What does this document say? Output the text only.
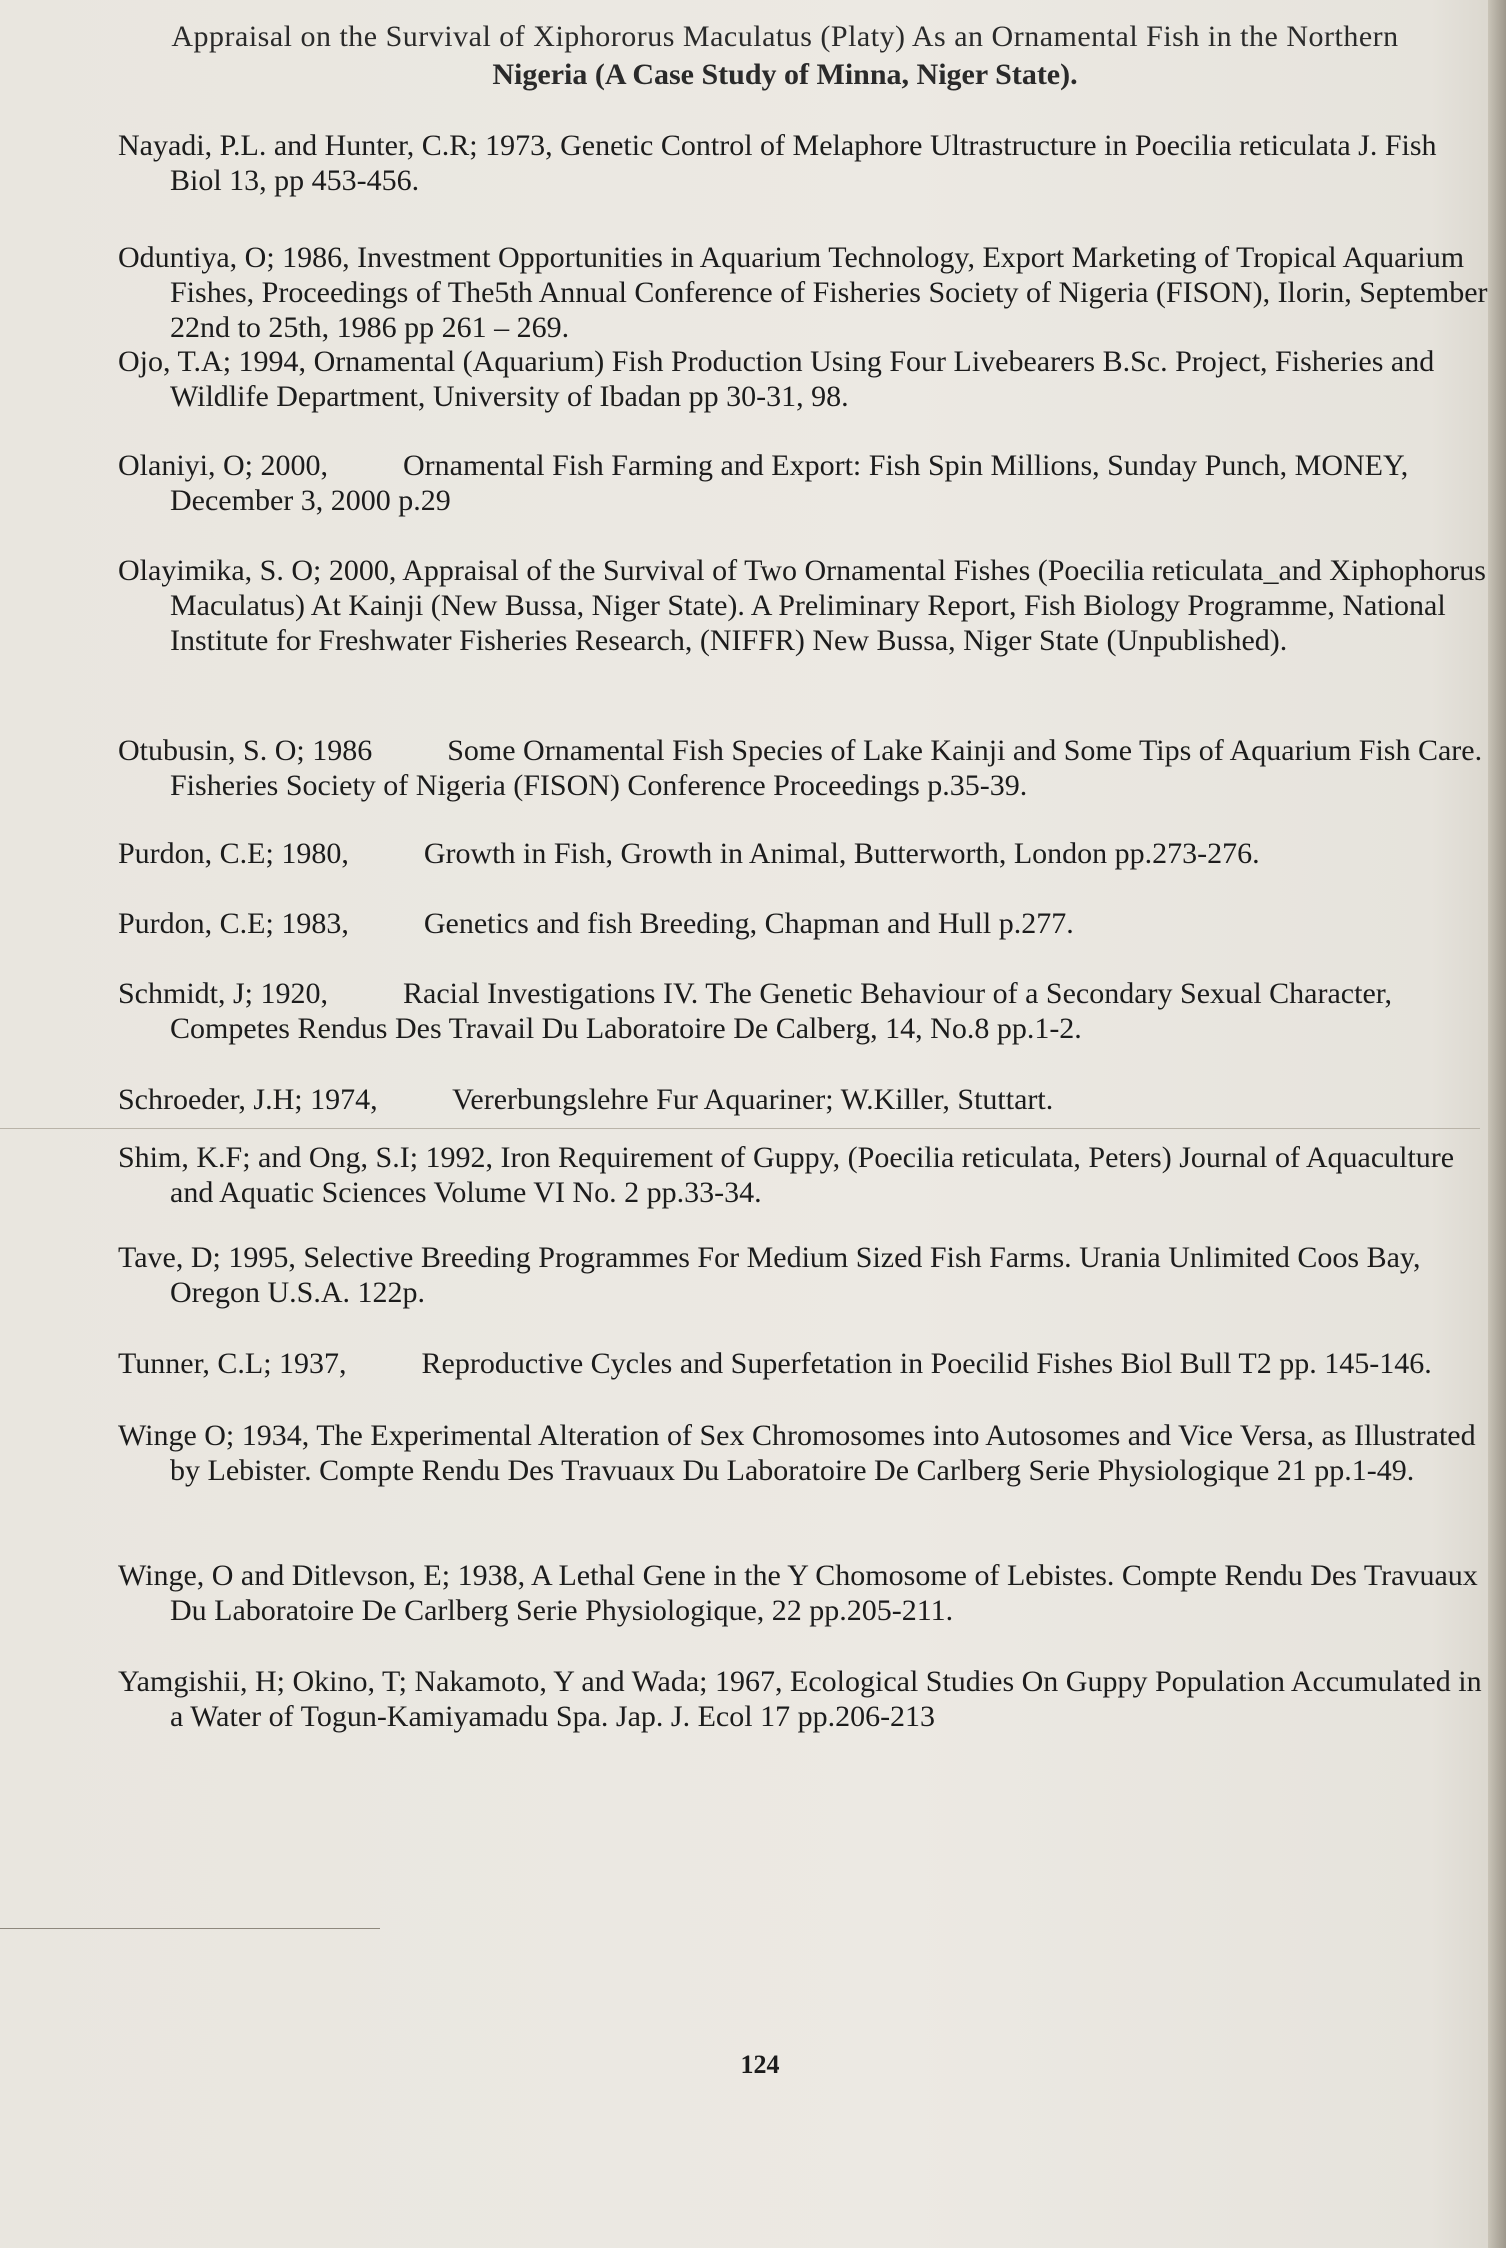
Appraisal on the Survival of Xiphororus Maculatus (Platy) As an Ornamental Fish in the Northern
Nigeria (A Case Study of Minna, Niger State).
Nayadi, P.L. and Hunter, C.R; 1973, Genetic Control of Melaphore Ultrastructure in Poecilia reticulata J. Fish Biol 13, pp 453-456.
Oduntiya, O; 1986, Investment Opportunities in Aquarium Technology, Export Marketing of Tropical Aquarium Fishes, Proceedings of The5th Annual Conference of Fisheries Society of Nigeria (FISON), Ilorin, September 22nd to 25th, 1986 pp 261 – 269.
Ojo, T.A; 1994, Ornamental (Aquarium) Fish Production Using Four Livebearers B.Sc. Project, Fisheries and Wildlife Department, University of Ibadan pp 30-31, 98.
Olaniyi, O; 2000,	Ornamental Fish Farming and Export: Fish Spin Millions, Sunday Punch, MONEY, December 3, 2000 p.29
Olayimika, S. O; 2000, Appraisal of the Survival of Two Ornamental Fishes (Poecilia reticulata_and Xiphophorus Maculatus) At Kainji (New Bussa, Niger State). A Preliminary Report, Fish Biology Programme, National Institute for Freshwater Fisheries Research, (NIFFR) New Bussa, Niger State (Unpublished).
Otubusin, S. O; 1986	Some Ornamental Fish Species of Lake Kainji and Some Tips of Aquarium Fish Care. Fisheries Society of Nigeria (FISON) Conference Proceedings p.35-39.
Purdon, C.E; 1980,	Growth in Fish, Growth in Animal, Butterworth, London pp.273-276.
Purdon, C.E; 1983,	Genetics and fish Breeding, Chapman and Hull p.277.
Schmidt, J; 1920,	Racial Investigations IV. The Genetic Behaviour of a Secondary Sexual Character, Competes Rendus Des Travail Du Laboratoire De Calberg, 14, No.8 pp.1-2.
Schroeder, J.H; 1974, Vererbungslehre Fur Aquariner; W.Killer, Stuttart.
Shim, K.F; and Ong, S.I; 1992, Iron Requirement of Guppy, (Poecilia reticulata, Peters) Journal of Aquaculture and Aquatic Sciences Volume VI No. 2 pp.33-34.
Tave, D; 1995, Selective Breeding Programmes For Medium Sized Fish Farms. Urania Unlimited Coos Bay, Oregon U.S.A. 122p.
Tunner, C.L; 1937,	Reproductive Cycles and Superfetation in Poecilid Fishes Biol Bull T2 pp. 145-146.
Winge O; 1934, The Experimental Alteration of Sex Chromosomes into Autosomes and Vice Versa, as Illustrated by Lebister. Compte Rendu Des Travuaux Du Laboratoire De Carlberg Serie Physiologique 21 pp.1-49.
Winge, O and Ditlevson, E; 1938, A Lethal Gene in the Y Chomosome of Lebistes. Compte Rendu Des Travuaux Du Laboratoire De Carlberg Serie Physiologique, 22 pp.205-211.
Yamgishii, H; Okino, T; Nakamoto, Y and Wada; 1967, Ecological Studies On Guppy Population Accumulated in a Water of Togun-Kamiyamadu Spa. Jap. J. Ecol 17 pp.206-213
124
